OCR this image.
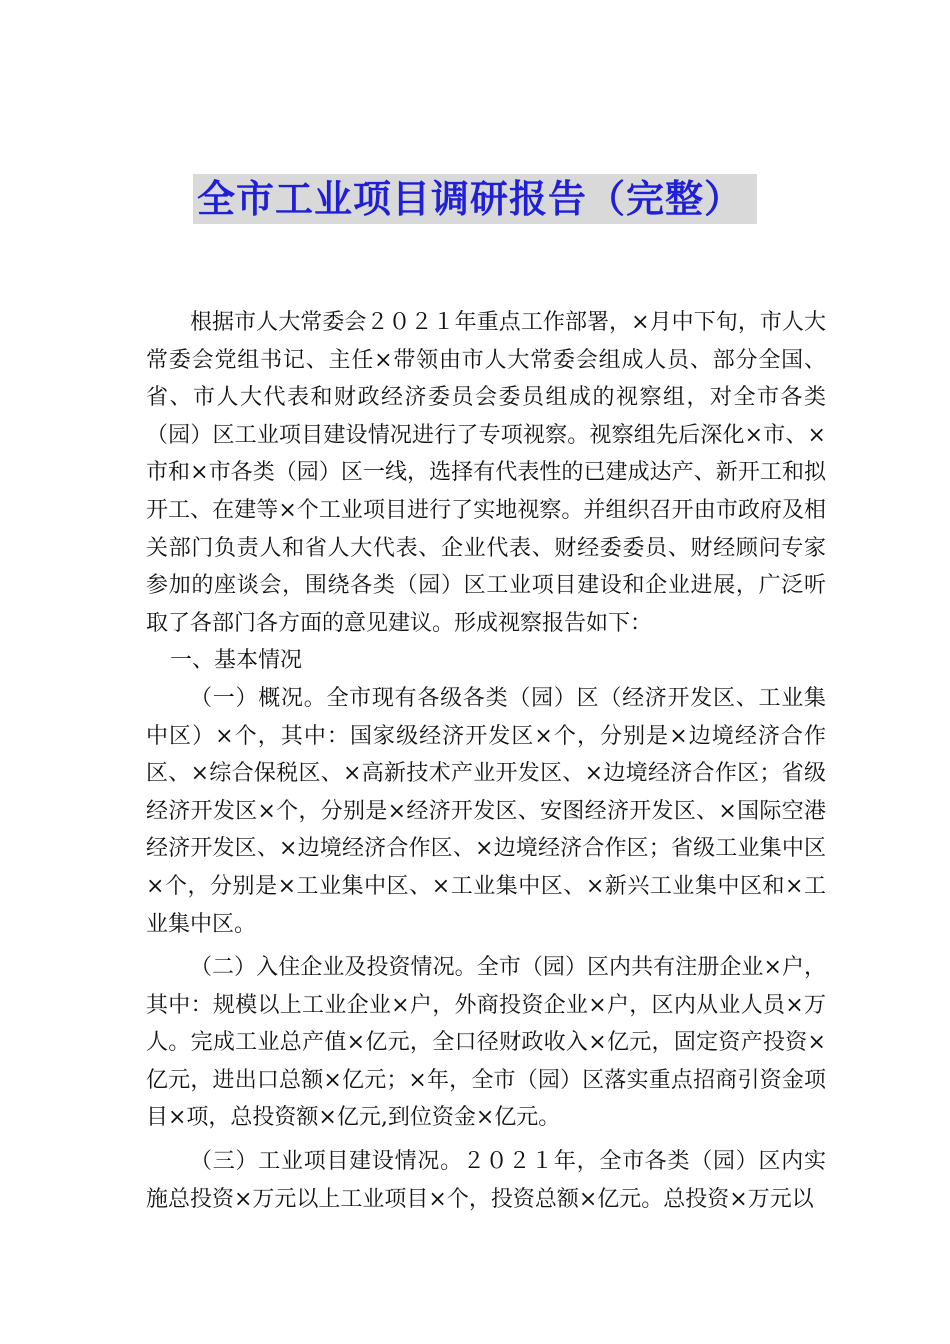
全市工业项目调研报告（完整）

根据市人大常委会２０２１年重点工作部署，×月中下旬，市人大常委会党组书记、主任×带领由市人大常委会组成人员、部分全国、省、市人大代表和财政经济委员会委员组成的视察组，对全市各类（园）区工业项目建设情况进行了专项视察。视察组先后深化×市、×市和×市各类（园）区一线，选择有代表性的已建成达产、新开工和拟开工、在建等×个工业项目进行了实地视察。并组织召开由市政府及相关部门负责人和省人大代表、企业代表、财经委委员、财经顾问专家参加的座谈会，围绕各类（园）区工业项目建设和企业进展，广泛听取了各部门各方面的意见建议。形成视察报告如下：

一、基本情况

（一）概况。全市现有各级各类（园）区（经济开发区、工业集中区）×个，其中：国家级经济开发区×个，分别是×边境经济合作区、×综合保税区、×高新技术产业开发区、×边境经济合作区；省级经济开发区×个，分别是×经济开发区、安图经济开发区、×国际空港经济开发区、×边境经济合作区、×边境经济合作区；省级工业集中区×个，分别是×工业集中区、×工业集中区、×新兴工业集中区和×工业集中区。

（二）入住企业及投资情况。全市（园）区内共有注册企业×户，其中：规模以上工业企业×户，外商投资企业×户，区内从业人员×万人。完成工业总产值×亿元，全口径财政收入×亿元，固定资产投资×亿元，进出口总额×亿元；×年，全市（园）区落实重点招商引资金项目×项，总投资额×亿元,到位资金×亿元。

（三）工业项目建设情况。２０２１年，全市各类（园）区内实施总投资×万元以上工业项目×个，投资总额×亿元。总投资×万元以
